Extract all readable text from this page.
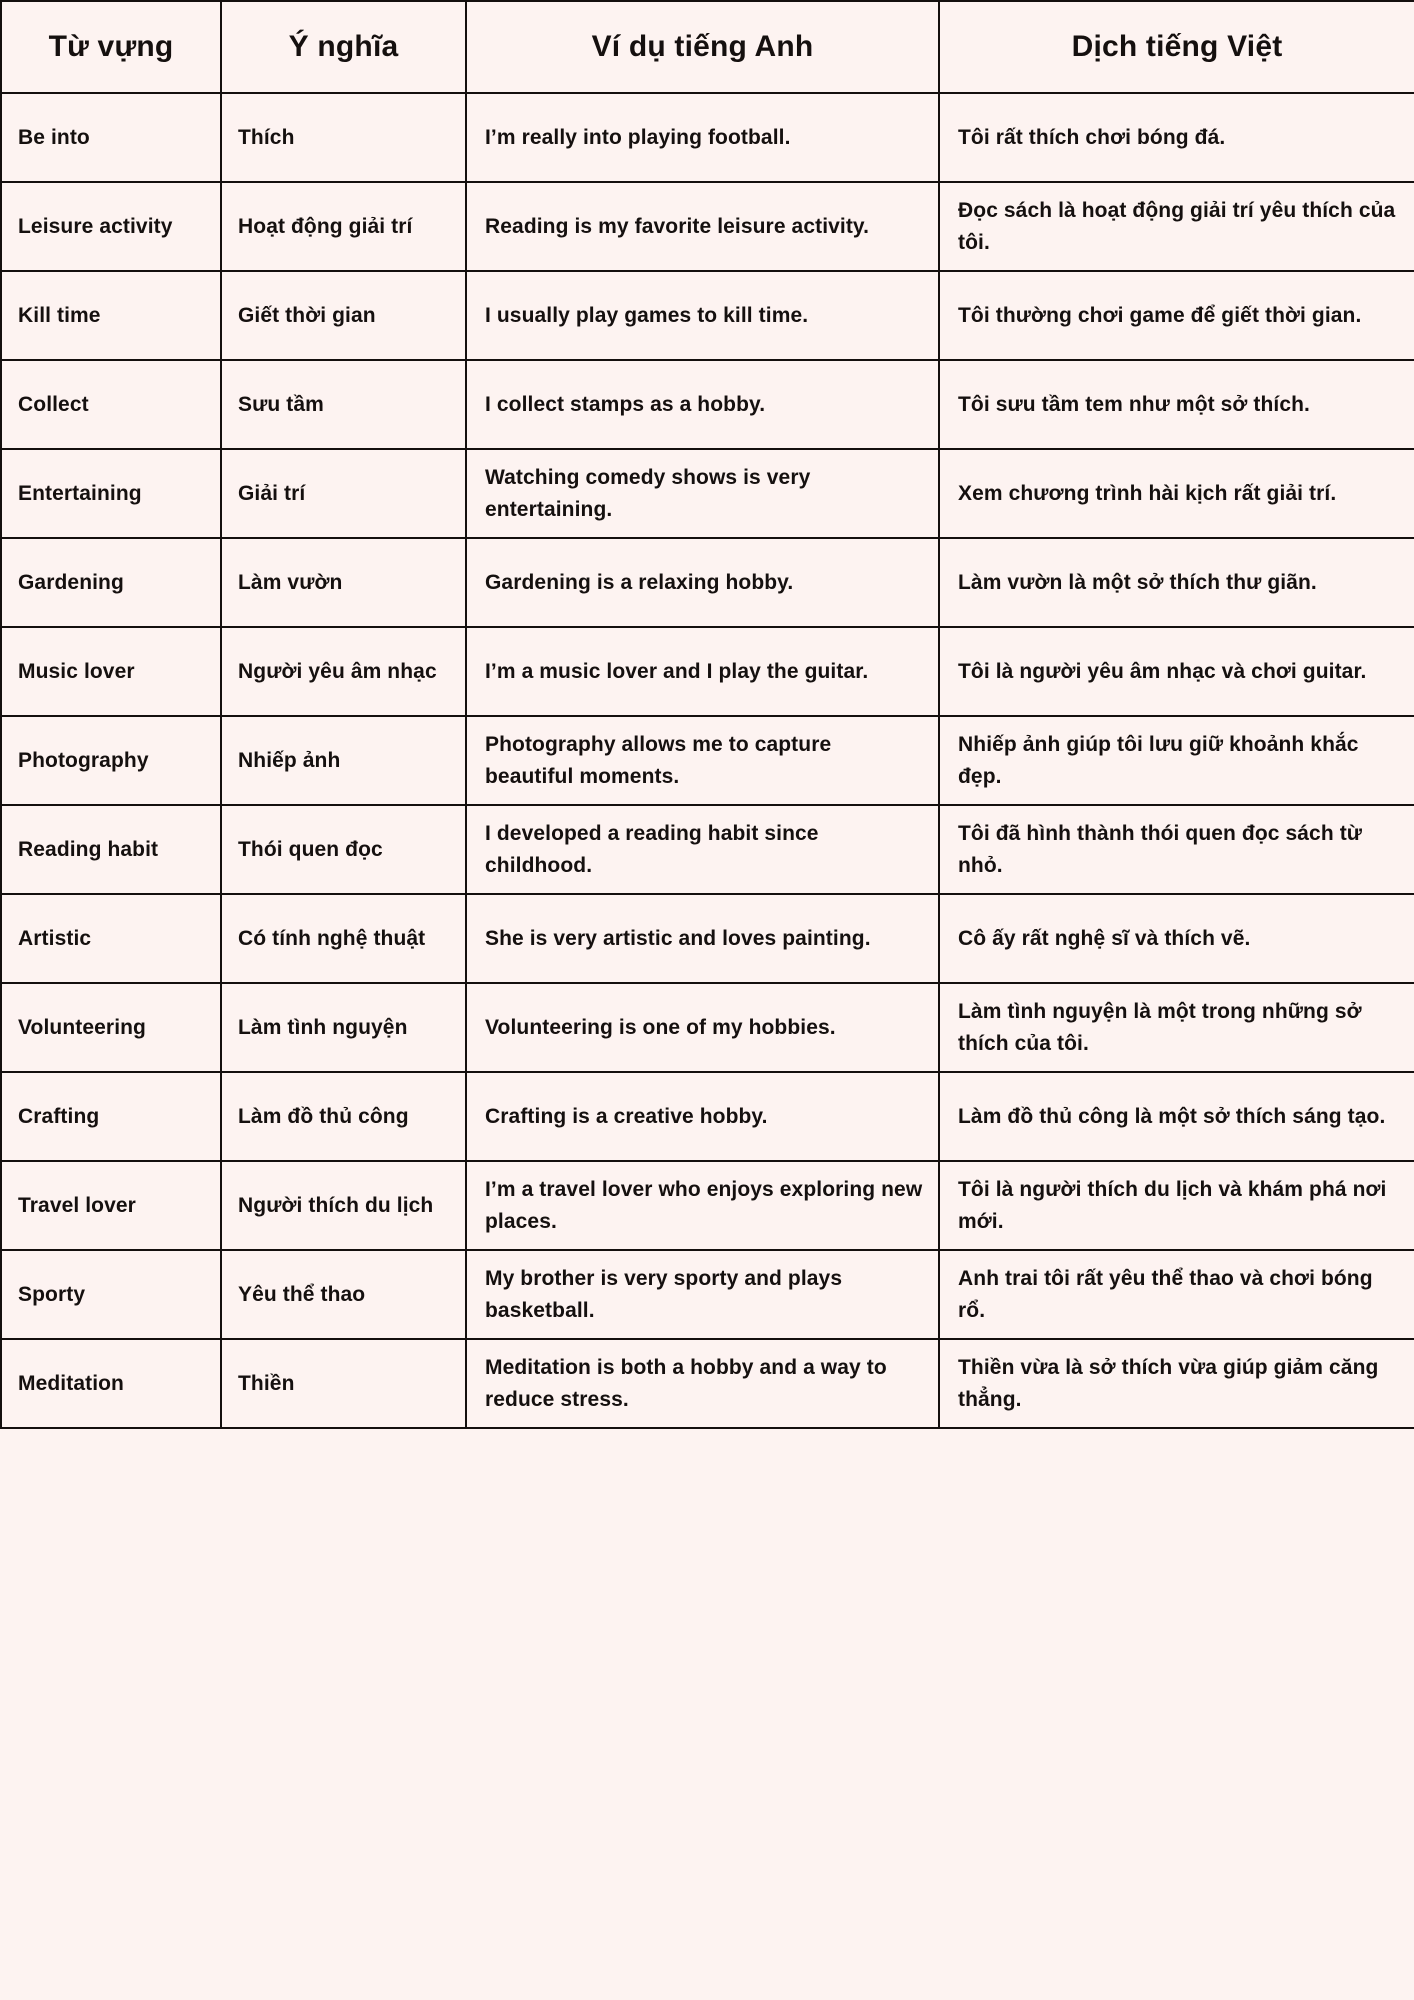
Từ vựng	Ý nghĩa	Ví dụ tiếng Anh	Dịch tiếng Việt
Be into	Thích	I’m really into playing football.	Tôi rất thích chơi bóng đá.
Leisure activity	Hoạt động giải trí	Reading is my favorite leisure activity.	Đọc sách là hoạt động giải trí yêu thích của tôi.
Kill time	Giết thời gian	I usually play games to kill time.	Tôi thường chơi game để giết thời gian.
Collect	Sưu tầm	I collect stamps as a hobby.	Tôi sưu tầm tem như một sở thích.
Entertaining	Giải trí	Watching comedy shows is very entertaining.	Xem chương trình hài kịch rất giải trí.
Gardening	Làm vườn	Gardening is a relaxing hobby.	Làm vườn là một sở thích thư giãn.
Music lover	Người yêu âm nhạc	I’m a music lover and I play the guitar.	Tôi là người yêu âm nhạc và chơi guitar.
Photography	Nhiếp ảnh	Photography allows me to capture beautiful moments.	Nhiếp ảnh giúp tôi lưu giữ khoảnh khắc đẹp.
Reading habit	Thói quen đọc	I developed a reading habit since childhood.	Tôi đã hình thành thói quen đọc sách từ nhỏ.
Artistic	Có tính nghệ thuật	She is very artistic and loves painting.	Cô ấy rất nghệ sĩ và thích vẽ.
Volunteering	Làm tình nguyện	Volunteering is one of my hobbies.	Làm tình nguyện là một trong những sở thích của tôi.
Crafting	Làm đồ thủ công	Crafting is a creative hobby.	Làm đồ thủ công là một sở thích sáng tạo.
Travel lover	Người thích du lịch	I’m a travel lover who enjoys exploring new places.	Tôi là người thích du lịch và khám phá nơi mới.
Sporty	Yêu thể thao	My brother is very sporty and plays basketball.	Anh trai tôi rất yêu thể thao và chơi bóng rổ.
Meditation	Thiền	Meditation is both a hobby and a way to reduce stress.	Thiền vừa là sở thích vừa giúp giảm căng thẳng.
